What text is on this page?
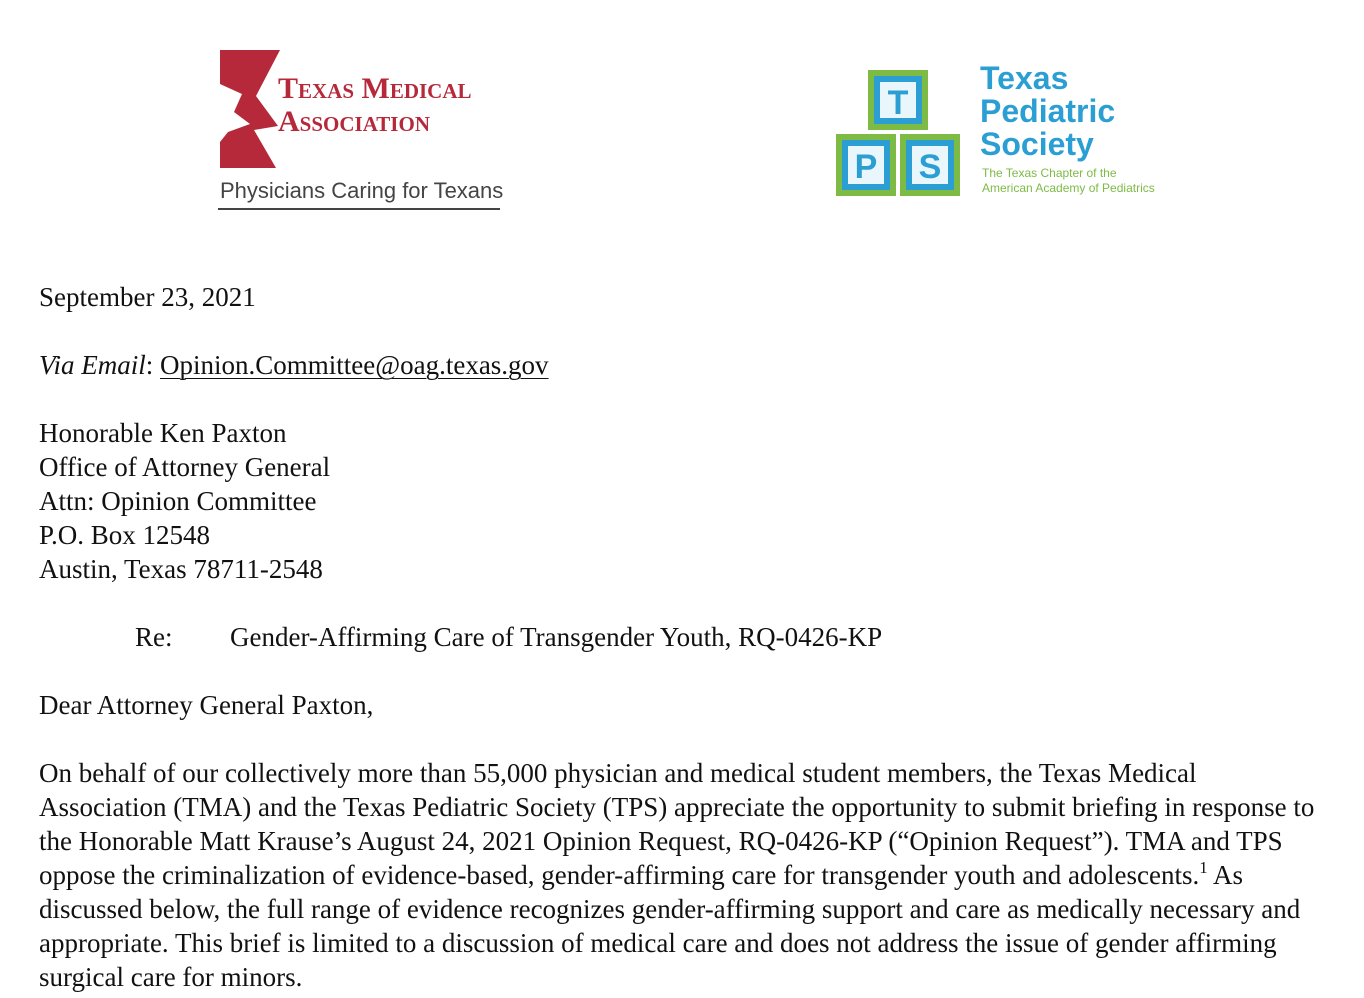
Texas Medical
Association
Physicians Caring for Texans
T
P S
Texas
Pediatric
Society
The Texas Chapter of the
American Academy of Pediatrics

September 23, 2021

Via Email: Opinion.Committee@oag.texas.gov

Honorable Ken Paxton
Office of Attorney General
Attn: Opinion Committee
P.O. Box 12548
Austin, Texas 78711-2548

Re: Gender-Affirming Care of Transgender Youth, RQ-0426-KP

Dear Attorney General Paxton,

On behalf of our collectively more than 55,000 physician and medical student members, the Texas Medical Association (TMA) and the Texas Pediatric Society (TPS) appreciate the opportunity to submit briefing in response to the Honorable Matt Krause’s August 24, 2021 Opinion Request, RQ-0426-KP (“Opinion Request”). TMA and TPS oppose the criminalization of evidence-based, gender-affirming care for transgender youth and adolescents.$^1$ As discussed below, the full range of evidence recognizes gender-affirming support and care as medically necessary and appropriate. This brief is limited to a discussion of medical care and does not address the issue of gender affirming surgical care for minors.
